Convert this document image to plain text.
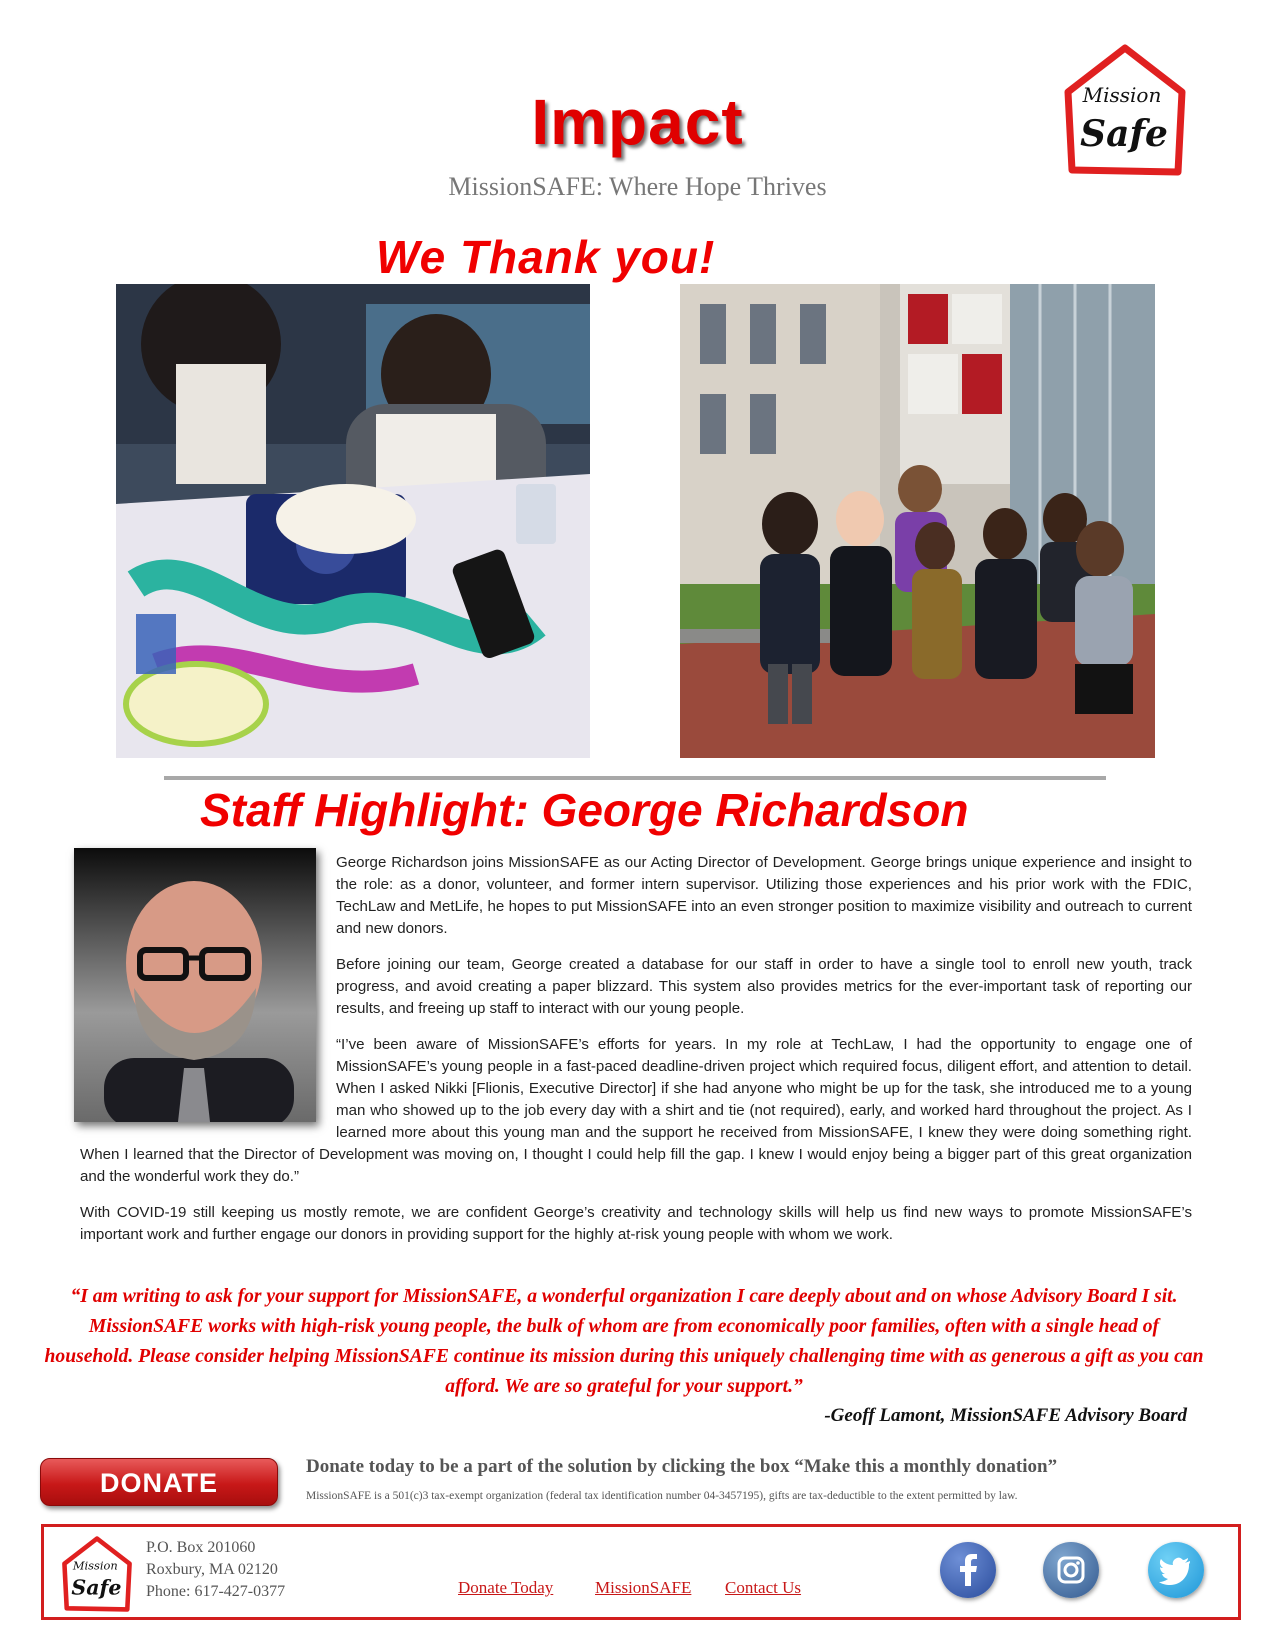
Impact
MissionSAFE: Where Hope Thrives
Mission
Safe
We Thank you!
Staff Highlight: George Richardson

George Richardson joins MissionSAFE as our Acting Director of Development. George brings unique experience and insight to the role: as a donor, volunteer, and former intern supervisor. Utilizing those experiences and his prior work with the FDIC, TechLaw and MetLife, he hopes to put MissionSAFE into an even stronger position to maximize visibility and outreach to current and new donors.

Before joining our team, George created a database for our staff in order to have a single tool to enroll new youth, track progress, and avoid creating a paper blizzard. This system also provides metrics for the ever-important task of reporting our results, and freeing up staff to interact with our young people.

“I’ve been aware of MissionSAFE’s efforts for years. In my role at TechLaw, I had the opportunity to engage one of MissionSAFE’s young people in a fast-paced deadline-driven project which required focus, diligent effort, and attention to detail. When I asked Nikki [Flionis, Executive Director] if she had anyone who might be up for the task, she introduced me to a young man who showed up to the job every day with a shirt and tie (not required), early, and worked hard throughout the project. As I learned more about this young man and the support he received from MissionSAFE, I knew they were doing something right. When I learned that the Director of Development was moving on, I thought I could help fill the gap. I knew I would enjoy being a bigger part of this great organization and the wonderful work they do.”

With COVID-19 still keeping us mostly remote, we are confident George’s creativity and technology skills will help us find new ways to promote MissionSAFE’s important work and further engage our donors in providing support for the highly at-risk young people with whom we work.

“I am writing to ask for your support for MissionSAFE, a wonderful organization I care deeply about and on whose Advisory Board I sit. MissionSAFE works with high-risk young people, the bulk of whom are from economically poor families, often with a single head of household. Please consider helping MissionSAFE continue its mission during this uniquely challenging time with as generous a gift as you can afford. We are so grateful for your support.”
-Geoff Lamont, MissionSAFE Advisory Board
DONATE
Donate today to be a part of the solution by clicking the box “Make this a monthly donation”
MissionSAFE is a 501(c)3 tax-exempt organization (federal tax identification number 04-3457195), gifts are tax-deductible to the extent permitted by law.
Mission
Safe
P.O. Box 201060
Roxbury, MA 02120
Phone: 617-427-0377	Donate Today MissionSAFE Contact Us
